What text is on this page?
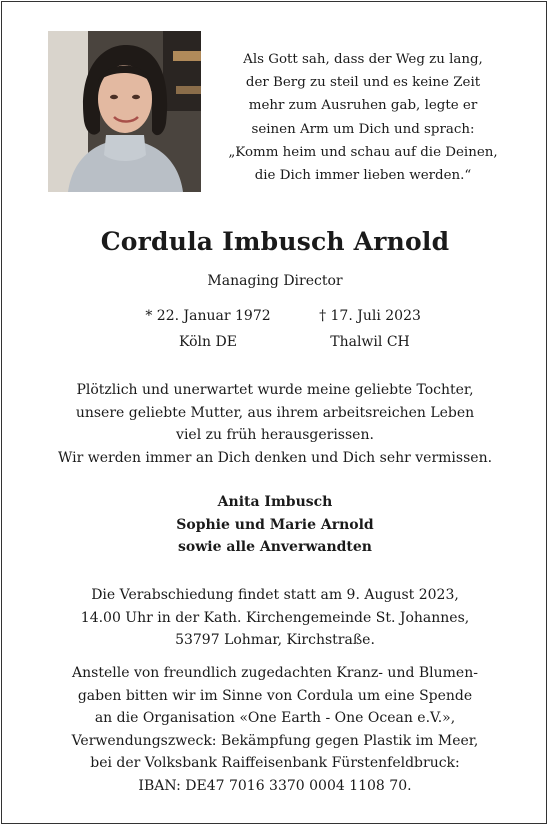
Als Gott sah, dass der Weg zu lang,
der Berg zu steil und es keine Zeit
mehr zum Ausruhen gab, legte er
seinen Arm um Dich und sprach:
„Komm heim und schau auf die Deinen,
die Dich immer lieben werden.“
Cordula Imbusch Arnold
Managing Director
* 22. Januar 1972
Köln DE
† 17. Juli 2023
Thalwil CH
Plötzlich und unerwartet wurde meine geliebte Tochter,
unsere geliebte Mutter, aus ihrem arbeitsreichen Leben
viel zu früh herausgerissen.
Wir werden immer an Dich denken und Dich sehr vermissen.
Anita Imbusch
Sophie und Marie Arnold
sowie alle Anverwandten
Die Verabschiedung findet statt am 9. August 2023,
14.00 Uhr in der Kath. Kirchengemeinde St. Johannes,
53797 Lohmar, Kirchstraße.
Anstelle von freundlich zugedachten Kranz- und Blumen-
gaben bitten wir im Sinne von Cordula um eine Spende
an die Organisation «One Earth - One Ocean e.V.»,
Verwendungszweck: Bekämpfung gegen Plastik im Meer,
bei der Volksbank Raiffeisenbank Fürstenfeldbruck:
IBAN: DE47 7016 3370 0004 1108 70.
